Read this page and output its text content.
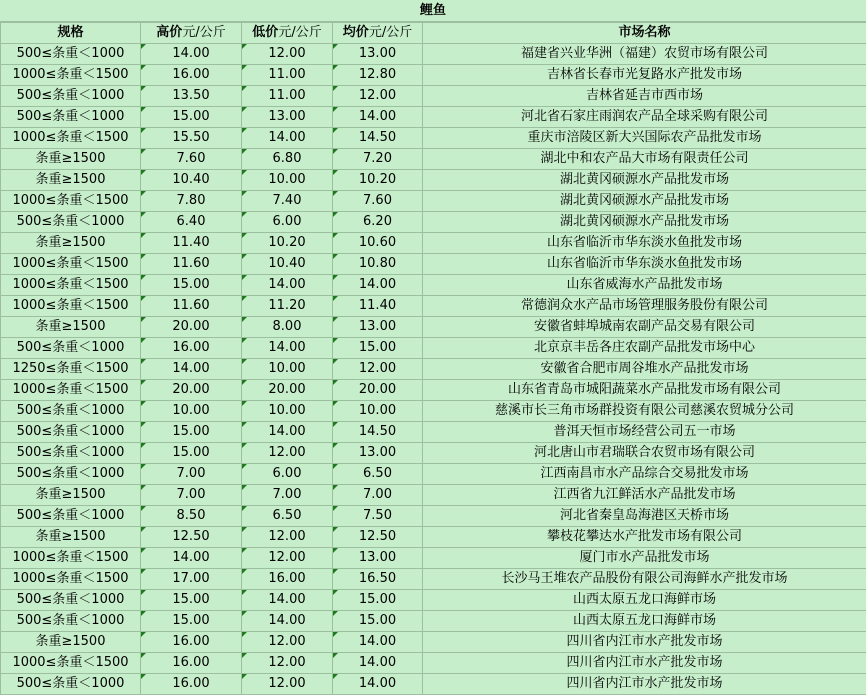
鲤鱼
规格	高价元/公斤	低价元/公斤	均价元/公斤	市场名称
500≤条重＜1000	14.00	12.00	13.00	福建省兴业华洲（福建）农贸市场有限公司
1000≤条重＜1500	16.00	11.00	12.80	吉林省长春市光复路水产批发市场
500≤条重＜1000	13.50	11.00	12.00	吉林省延吉市西市场
500≤条重＜1000	15.00	13.00	14.00	河北省石家庄雨润农产品全球采购有限公司
1000≤条重＜1500	15.50	14.00	14.50	重庆市涪陵区新大兴国际农产品批发市场
条重≥1500	7.60	6.80	7.20	湖北中和农产品大市场有限责任公司
条重≥1500	10.40	10.00	10.20	湖北黄冈硕源水产品批发市场
1000≤条重＜1500	7.80	7.40	7.60	湖北黄冈硕源水产品批发市场
500≤条重＜1000	6.40	6.00	6.20	湖北黄冈硕源水产品批发市场
条重≥1500	11.40	10.20	10.60	山东省临沂市华东淡水鱼批发市场
1000≤条重＜1500	11.60	10.40	10.80	山东省临沂市华东淡水鱼批发市场
1000≤条重＜1500	15.00	14.00	14.00	山东省威海水产品批发市场
1000≤条重＜1500	11.60	11.20	11.40	常德润众水产品市场管理服务股份有限公司
条重≥1500	20.00	8.00	13.00	安徽省蚌埠城南农副产品交易有限公司
500≤条重＜1000	16.00	14.00	15.00	北京京丰岳各庄农副产品批发市场中心
1250≤条重＜1500	14.00	10.00	12.00	安徽省合肥市周谷堆水产品批发市场
1000≤条重＜1500	20.00	20.00	20.00	山东省青岛市城阳蔬菜水产品批发市场有限公司
500≤条重＜1000	10.00	10.00	10.00	慈溪市长三角市场群投资有限公司慈溪农贸城分公司
500≤条重＜1000	15.00	14.00	14.50	普洱天恒市场经营公司五一市场
500≤条重＜1000	15.00	12.00	13.00	河北唐山市君瑞联合农贸市场有限公司
500≤条重＜1000	7.00	6.00	6.50	江西南昌市水产品综合交易批发市场
条重≥1500	7.00	7.00	7.00	江西省九江鲜活水产品批发市场
500≤条重＜1000	8.50	6.50	7.50	河北省秦皇岛海港区天桥市场
条重≥1500	12.50	12.00	12.50	攀枝花攀达水产批发市场有限公司
1000≤条重＜1500	14.00	12.00	13.00	厦门市水产品批发市场
1000≤条重＜1500	17.00	16.00	16.50	长沙马王堆农产品股份有限公司海鲜水产批发市场
500≤条重＜1000	15.00	14.00	15.00	山西太原五龙口海鲜市场
500≤条重＜1000	15.00	14.00	15.00	山西太原五龙口海鲜市场
条重≥1500	16.00	12.00	14.00	四川省内江市水产批发市场
1000≤条重＜1500	16.00	12.00	14.00	四川省内江市水产批发市场
500≤条重＜1000	16.00	12.00	14.00	四川省内江市水产批发市场
